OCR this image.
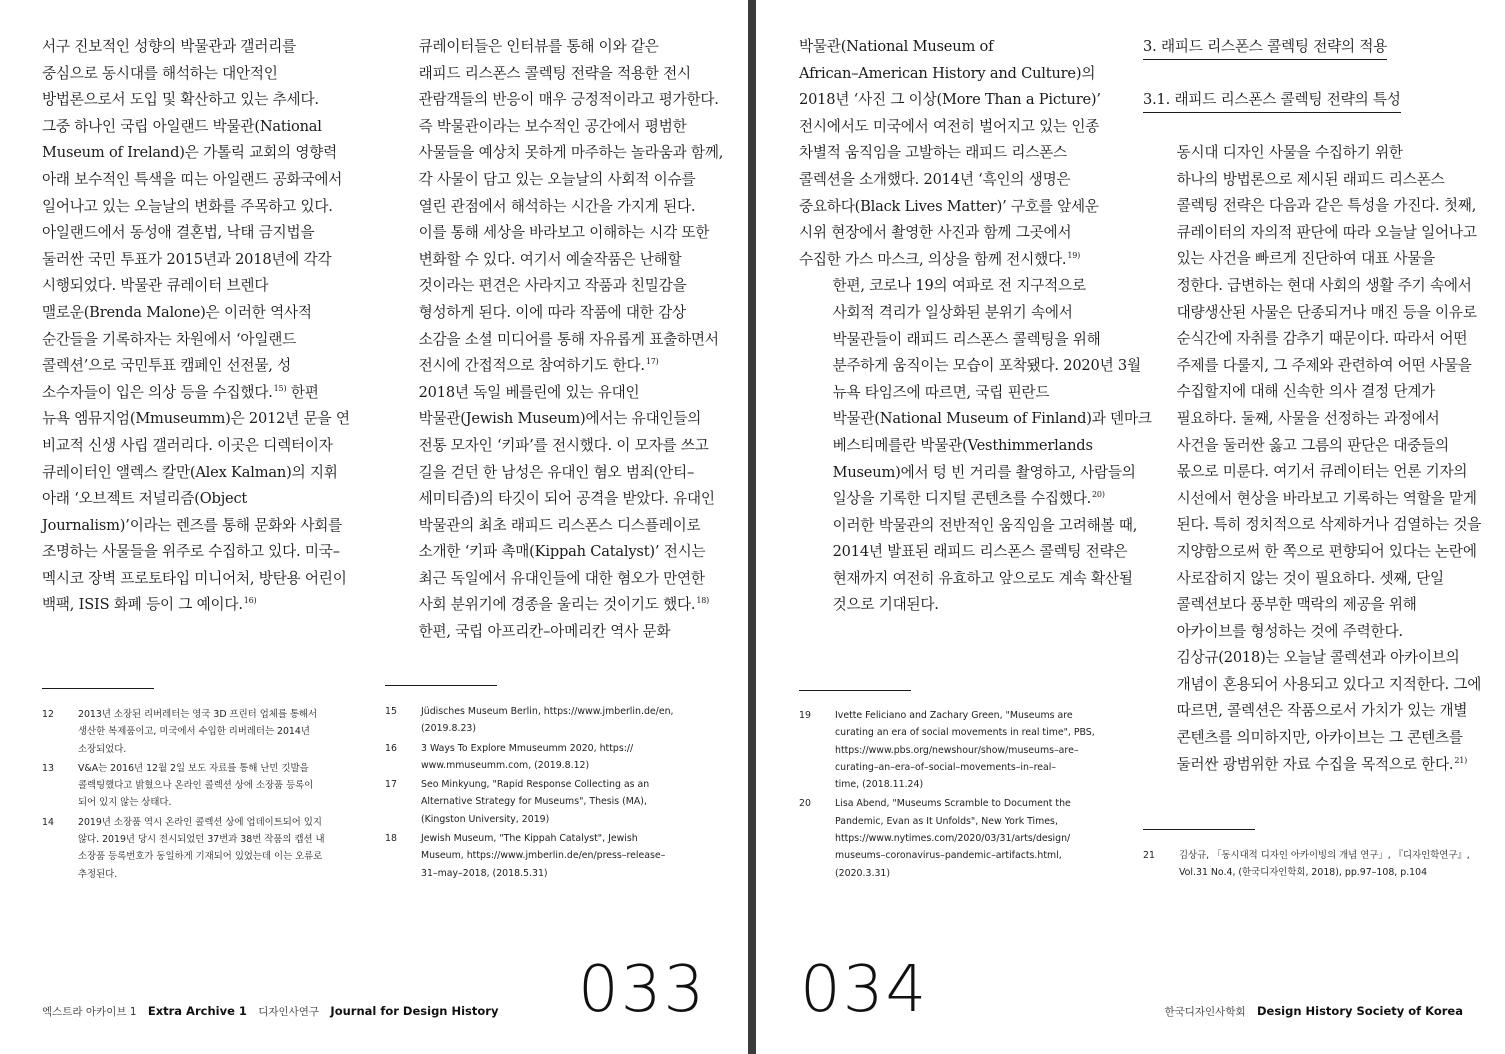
서구 진보적인 성향의 박물관과 갤러리를
중심으로 동시대를 해석하는 대안적인
방법론으로서 도입 및 확산하고 있는 추세다.
그중 하나인 국립 아일랜드 박물관(National
Museum of Ireland)은 가톨릭 교회의 영향력
아래 보수적인 특색을 띠는 아일랜드 공화국에서
일어나고 있는 오늘날의 변화를 주목하고 있다.
아일랜드에서 동성애 결혼법, 낙태 금지법을
둘러싼 국민 투표가 2015년과 2018년에 각각
시행되었다. 박물관 큐레이터 브렌다
맬로운(Brenda Malone)은 이러한 역사적
순간들을 기록하자는 차원에서 ‘아일랜드
콜렉션’으로 국민투표 캠페인 선전물, 성
소수자들이 입은 의상 등을 수집했다.$^{15)}$ 한편
뉴욕 엠뮤지엄(Mmuseumm)은 2012년 문을 연
비교적 신생 사립 갤러리다. 이곳은 디렉터이자
큐레이터인 앨렉스 칼만(Alex Kalman)의 지휘
아래 ‘오브젝트 저널리즘(Object
Journalism)’이라는 렌즈를 통해 문화와 사회를
조명하는 사물들을 위주로 수집하고 있다. 미국–
멕시코 장벽 프로토타입 미니어처, 방탄용 어린이
백팩, ISIS 화폐 등이 그 예이다.$^{16)}$

큐레이터들은 인터뷰를 통해 이와 같은
래피드 리스폰스 콜렉팅 전략을 적용한 전시
관람객들의 반응이 매우 긍정적이라고 평가한다.
즉 박물관이라는 보수적인 공간에서 평범한
사물들을 예상치 못하게 마주하는 놀라움과 함께,
각 사물이 담고 있는 오늘날의 사회적 이슈를
열린 관점에서 해석하는 시간을 가지게 된다.
이를 통해 세상을 바라보고 이해하는 시각 또한
변화할 수 있다. 여기서 예술작품은 난해할
것이라는 편견은 사라지고 작품과 친밀감을
형성하게 된다. 이에 따라 작품에 대한 감상
소감을 소셜 미디어를 통해 자유롭게 표출하면서
전시에 간접적으로 참여하기도 한다.$^{17)}$

2018년 독일 베를린에 있는 유대인
박물관(Jewish Museum)에서는 유대인들의
전통 모자인 ‘키파’를 전시했다. 이 모자를 쓰고
길을 걷던 한 남성은 유대인 혐오 범죄(안티–
세미티즘)의 타깃이 되어 공격을 받았다. 유대인
박물관의 최초 래피드 리스폰스 디스플레이로
소개한 ‘키파 촉매(Kippah Catalyst)’ 전시는
최근 독일에서 유대인들에 대한 혐오가 만연한
사회 분위기에 경종을 울리는 것이기도 했다.$^{18)}$
한편, 국립 아프리칸–아메리칸 역사 문화

12	2013년 소장된 리버레터는 영국 3D 프린터 업체를 통해서
생산한 복제품이고, 미국에서 수입한 리버레터는 2014년
소장되었다.
13	V&A는 2016년 12월 2일 보도 자료를 통해 난민 깃발을
콜렉팅했다고 밝혔으나 온라인 콜렉션 상에 소장품 등록이
되어 있지 않는 상태다.
14	2019년 소장품 역시 온라인 콜렉션 상에 업데이트되어 있지
않다. 2019년 당시 전시되었던 37번과 38번 작품의 캡션 내
소장품 등록번호가 동일하게 기재되어 있었는데 이는 오류로
추정된다.
15	Jüdisches Museum Berlin, https://www.jmberlin.de/en,
(2019.8.23)
16	3 Ways To Explore Mmuseumm 2020, https://
www.mmuseumm.com, (2019.8.12)
17	Seo Minkyung, "Rapid Response Collecting as an
Alternative Strategy for Museums", Thesis (MA),
(Kingston University, 2019)
18	Jewish Museum, "The Kippah Catalyst", Jewish
Museum, https://www.jmberlin.de/en/press–release–
31–may–2018, (2018.5.31)
033
엑스트라 아카이브 1 Extra Archive 1 디자인사연구 Journal for Design History

박물관(National Museum of
African–American History and Culture)의
2018년 ‘사진 그 이상(More Than a Picture)’
전시에서도 미국에서 여전히 벌어지고 있는 인종
차별적 움직임을 고발하는 래피드 리스폰스
콜렉션을 소개했다. 2014년 ‘흑인의 생명은
중요하다(Black Lives Matter)’ 구호를 앞세운
시위 현장에서 촬영한 사진과 함께 그곳에서
수집한 가스 마스크, 의상을 함께 전시했다.$^{19)}$

한편, 코로나 19의 여파로 전 지구적으로
사회적 격리가 일상화된 분위기 속에서
박물관들이 래피드 리스폰스 콜렉팅을 위해
분주하게 움직이는 모습이 포착됐다. 2020년 3월
뉴욕 타임즈에 따르면, 국립 핀란드
박물관(National Museum of Finland)과 덴마크
베스티메를란 박물관(Vesthimmerlands
Museum)에서 텅 빈 거리를 촬영하고, 사람들의
일상을 기록한 디지털 콘텐츠를 수집했다.$^{20)}$
이러한 박물관의 전반적인 움직임을 고려해볼 때,
2014년 발표된 래피드 리스폰스 콜렉팅 전략은
현재까지 여전히 유효하고 앞으로도 계속 확산될
것으로 기대된다.

3. 래피드 리스폰스 콜렉팅 전략의 적용
3.1. 래피드 리스폰스 콜렉팅 전략의 특성

동시대 디자인 사물을 수집하기 위한
하나의 방법론으로 제시된 래피드 리스폰스
콜렉팅 전략은 다음과 같은 특성을 가진다. 첫째,
큐레이터의 자의적 판단에 따라 오늘날 일어나고
있는 사건을 빠르게 진단하여 대표 사물을
정한다. 급변하는 현대 사회의 생활 주기 속에서
대량생산된 사물은 단종되거나 매진 등을 이유로
순식간에 자취를 감추기 때문이다. 따라서 어떤
주제를 다룰지, 그 주제와 관련하여 어떤 사물을
수집할지에 대해 신속한 의사 결정 단계가
필요하다. 둘째, 사물을 선정하는 과정에서
사건을 둘러싼 옳고 그름의 판단은 대중들의
몫으로 미룬다. 여기서 큐레이터는 언론 기자의
시선에서 현상을 바라보고 기록하는 역할을 맡게
된다. 특히 정치적으로 삭제하거나 검열하는 것을
지양함으로써 한 쪽으로 편향되어 있다는 논란에
사로잡히지 않는 것이 필요하다. 셋째, 단일
콜렉션보다 풍부한 맥락의 제공을 위해
아카이브를 형성하는 것에 주력한다.
김상규(2018)는 오늘날 콜렉션과 아카이브의
개념이 혼용되어 사용되고 있다고 지적한다. 그에
따르면, 콜렉션은 작품으로서 가치가 있는 개별
콘텐츠를 의미하지만, 아카이브는 그 콘텐츠를
둘러싼 광범위한 자료 수집을 목적으로 한다.$^{21)}$

19	Ivette Feliciano and Zachary Green, "Museums are
curating an era of social movements in real time", PBS,
https://www.pbs.org/newshour/show/museums–are–
curating–an–era–of–social–movements–in–real–
time, (2018.11.24)
20	Lisa Abend, "Museums Scramble to Document the
Pandemic, Evan as It Unfolds", New York Times,
https://www.nytimes.com/2020/03/31/arts/design/
museums–coronavirus–pandemic–artifacts.html,
(2020.3.31)
21	김상규, 「동시대적 디자인 아카이빙의 개념 연구」, 『디자인학연구』,
Vol.31 No.4, (한국디자인학회, 2018), pp.97–108, p.104
034	한국디자인사학회 Design History Society of Korea
